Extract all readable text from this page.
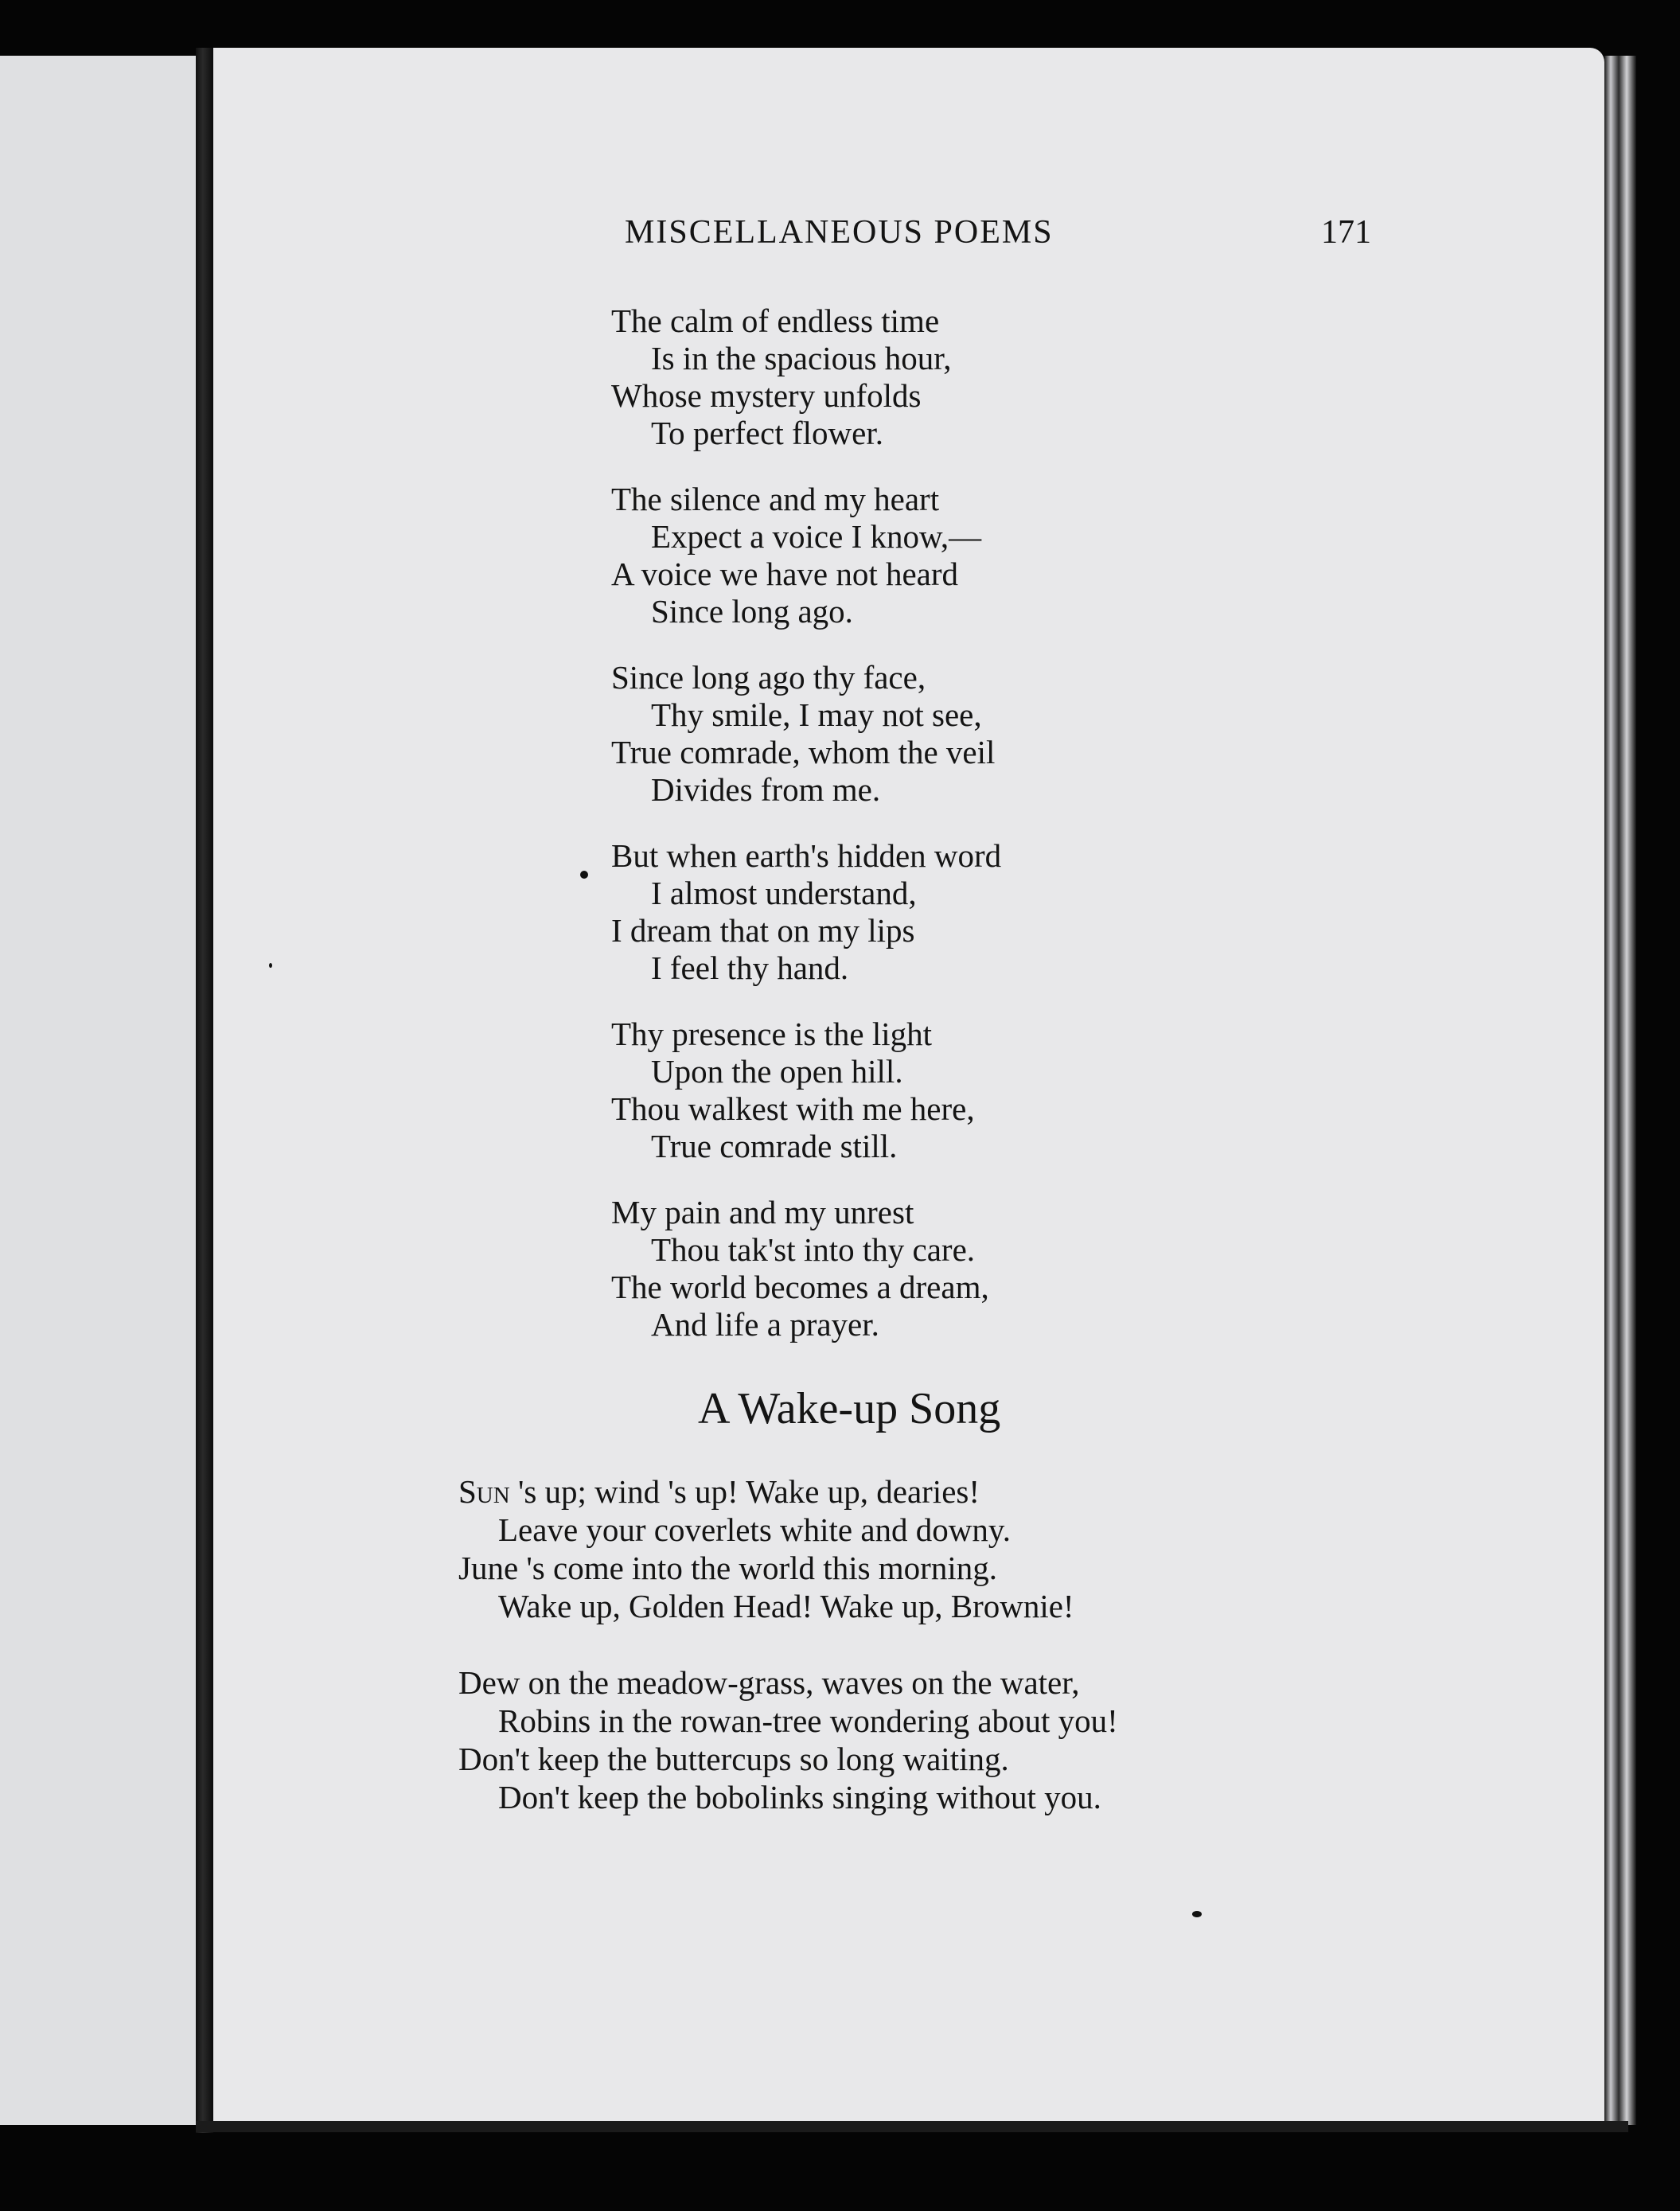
MISCELLANEOUS POEMS	171
The calm of endless time
Is in the spacious hour,
Whose mystery unfolds
To perfect flower.
The silence and my heart
Expect a voice I know,—
A voice we have not heard
Since long ago.
Since long ago thy face,
Thy smile, I may not see,
True comrade, whom the veil
Divides from me.
But when earth's hidden word
I almost understand,
I dream that on my lips
I feel thy hand.
Thy presence is the light
Upon the open hill.
Thou walkest with me here,
True comrade still.
My pain and my unrest
Thou tak'st into thy care.
The world becomes a dream,
And life a prayer.
A Wake-up Song
Sun 's up; wind 's up! Wake up, dearies!
Leave your coverlets white and downy.
June 's come into the world this morning.
Wake up, Golden Head! Wake up, Brownie!
Dew on the meadow-grass, waves on the water,
Robins in the rowan-tree wondering about you!
Don't keep the buttercups so long waiting.
Don't keep the bobolinks singing without you.
